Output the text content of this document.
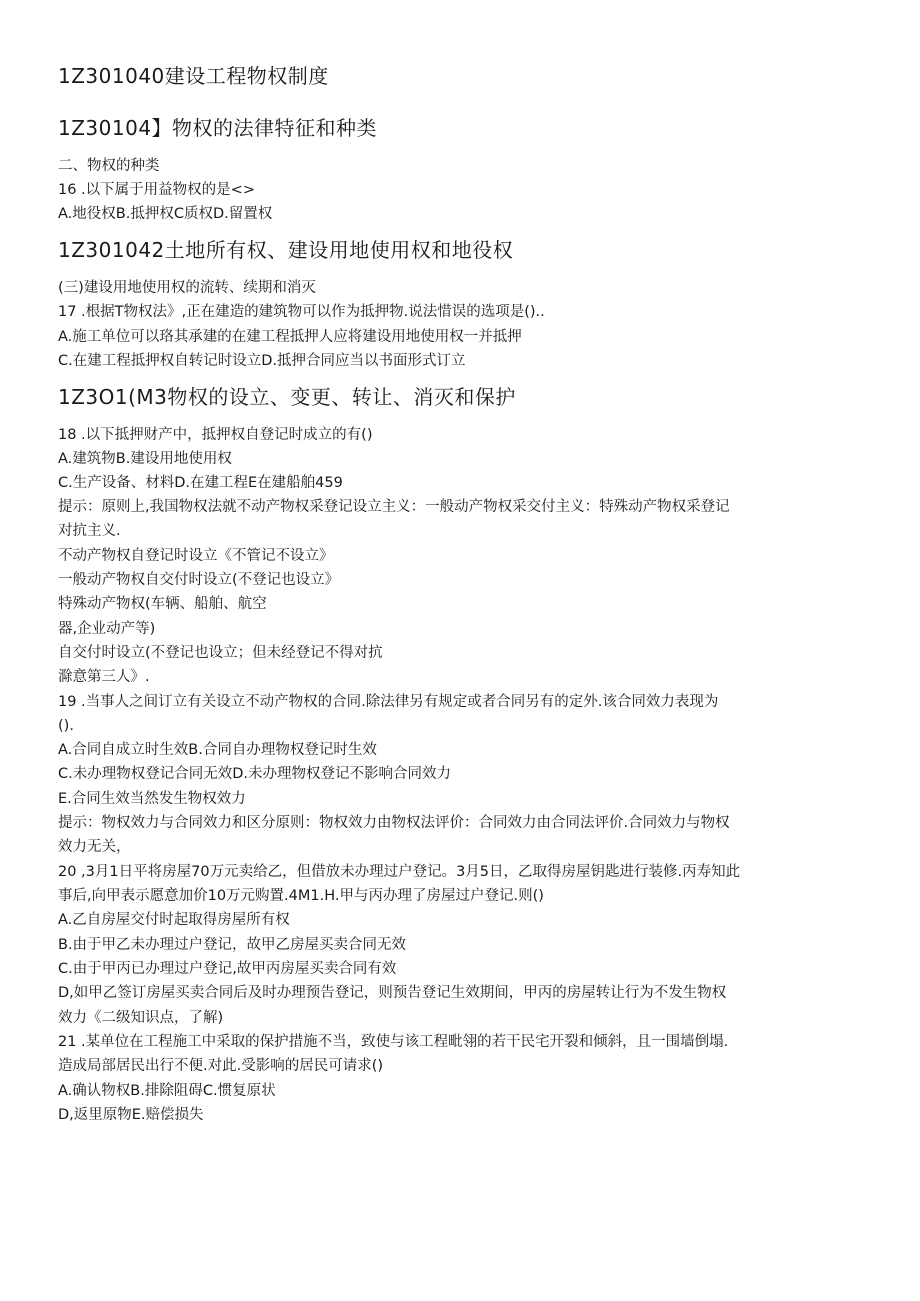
1Z301040建设工程物权制度
1Z30104】物权的法律特征和种类
二、物权的种类
16 .以下属于用益物权的是<>
A.地役权B.抵押权C质权D.留置权
1Z301042土地所有权、建设用地使用权和地役权
(三)建设用地使用权的流转、续期和消灭
17 .根据T物权法》,正在建造的建筑物可以作为抵押物.说法惜误的选项是()..
A.施工单位可以珞其承建的在建工程抵押人应将建设用地使用权一并抵押
C.在建工程抵押权自转记时设立D.抵押合同应当以书面形式订立
1Z3O1(M3物权的设立、变更、转让、消灭和保护
18 .以下抵押财产中，抵押权自登记时成立的有()
A.建筑物B.建设用地使用权
C.生产设备、材料D.在建工程E在建船舶459
提示：原则上,我国物权法就不动产物权采登记设立主义：一般动产物权采交付主义：特殊动产物权采登记
对抗主义.
不动产物权自登记时设立《不管记不设立》
一般动产物权自交付时设立(不登记也设立》
特殊动产物权(车辆、船舶、航空
器,企业动产等)
自交付时设立(不登记也设立；但未经登记不得对抗
滁意第三人》.
19 .当事人之间订立有关设立不动产物权的合同.除法律另有规定或者合同另有的定外.该合同效力表现为
().
A.合同自成立时生效B.合同自办理物权登记时生效
C.未办理物权登记合同无效D.未办理物权登记不影响合同效力
E.合同生效当然发生物权效力
提示：物权效力与合同效力和区分原则：物权效力由物权法评价：合同效力由合同法评价.合同效力与物权
效力无关，
20 ,3月1日平将房屋70万元卖给乙，但借放未办理过户登记。3月5日，乙取得房屋钥匙进行装修.丙寿知此
事后,向甲表示愿意加价10万元购置.4M1.H.甲与丙办理了房屋过户登记.则()
A.乙自房屋交付时起取得房屋所有权
B.由于甲乙未办理过户登记，故甲乙房屋买卖合同无效
C.由于甲丙已办理过户登记,故甲丙房屋买卖合同有效
D,如甲乙签订房屋买卖合同后及时办理预告登记，则预告登记生效期间，甲丙的房屋转让行为不发生物权
效力《二级知识点，了解)
21 .某单位在工程施工中采取的保护措施不当，致使与该工程毗翎的若干民宅开裂和倾斜，且一围墙倒塌.
造成局部居民出行不便.对此.受影响的居民可请求()
A.确认物权B.排除阻碍C.惯复原状
D,返里原物E.赔偿损失
